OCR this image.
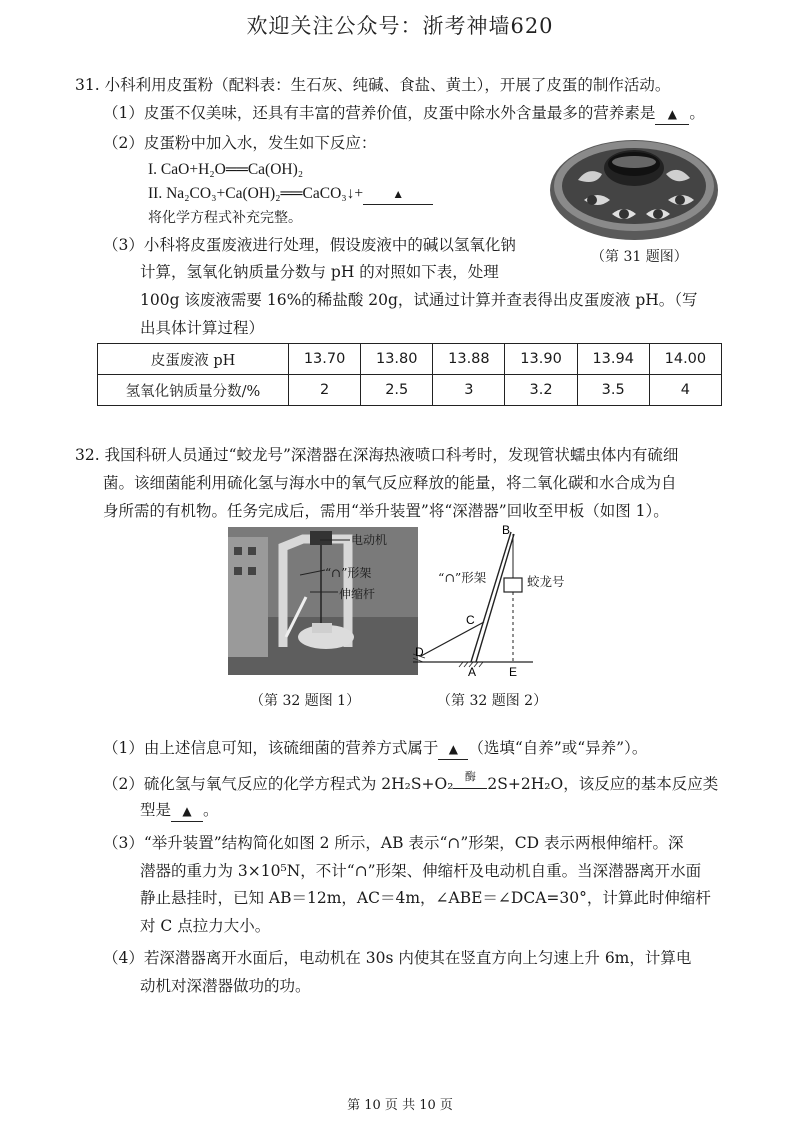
欢迎关注公众号：浙考神墙620
31. 小科利用皮蛋粉（配料表：生石灰、纯碱、食盐、黄土），开展了皮蛋的制作活动。
（1）皮蛋不仅美味，还具有丰富的营养价值，皮蛋中除水外含量最多的营养素是 ▲ 。
（2）皮蛋粉中加入水，发生如下反应：
I. CaO+H₂O══Ca(OH)₂
II. Na₂CO₃+Ca(OH)₂══CaCO₃↓+ ▲
将化学方程式补充完整。
（3）小科将皮蛋废液进行处理，假设废液中的碱以氢氧化钠
计算，氢氧化钠质量分数与 pH 的对照如下表，处理
100g 该废液需要 16%的稀盐酸 20g，试通过计算并查表得出皮蛋废液 pH。（写
出具体计算过程）
（第 31 题图）
皮蛋废液 pH	13.70	13.80	13.88	13.90	13.94	14.00
氢氧化钠质量分数/%	2	2.5	3	3.2	3.5	4
32. 我国科研人员通过“蛟龙号”深潜器在深海热液喷口科考时，发现管状蠕虫体内有硫细
菌。该细菌能利用硫化氢与海水中的氧气反应释放的能量，将二氧化碳和水合成为自
身所需的有机物。任务完成后，需用“举升装置”将“深潜器”回收至甲板（如图 1）。
电动机
“∩”形架
伸缩杆
B
C
D
A	E
“∩”形架	蛟龙号
（第 32 题图 1）	（第 32 题图 2）
（1）由上述信息可知，该硫细菌的营养方式属于 ▲ （选填“自养”或“异养”）。
（2）硫化氢与氧气反应的化学方程式为 2H₂S+O₂	酶 2S+2H₂O，该反应的基本反应类
型是 ▲ 。
（3）“举升装置”结构简化如图 2 所示，AB 表示“∩”形架，CD 表示两根伸缩杆。深
潜器的重力为 3×10⁵N，不计“∩”形架、伸缩杆及电动机自重。当深潜器离开水面
静止悬挂时，已知 AB＝12m，AC＝4m，∠ABE＝∠DCA=30°，计算此时伸缩杆
对 C 点拉力大小。
（4）若深潜器离开水面后，电动机在 30s 内使其在竖直方向上匀速上升 6m，计算电
动机对深潜器做功的功。
第 10 页 共 10 页
